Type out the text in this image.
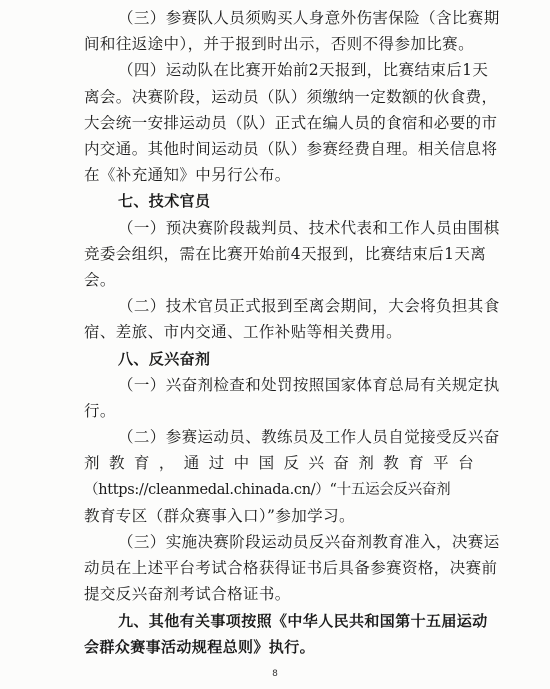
（三）参赛队人员须购买人身意外伤害保险（含比赛期
间和往返途中），并于报到时出示，否则不得参加比赛。
（四）运动队在比赛开始前2天报到，比赛结束后1天
离会。决赛阶段，运动员（队）须缴纳一定数额的伙食费，
大会统一安排运动员（队）正式在编人员的食宿和必要的市
内交通。其他时间运动员（队）参赛经费自理。相关信息将
在《补充通知》中另行公布。
七、技术官员
（一）预决赛阶段裁判员、技术代表和工作人员由围棋
竞委会组织，需在比赛开始前4天报到，比赛结束后1天离
会。
（二）技术官员正式报到至离会期间，大会将负担其食
宿、差旅、市内交通、工作补贴等相关费用。
八、反兴奋剂
（一）兴奋剂检查和处罚按照国家体育总局有关规定执
行。
（二）参赛运动员、教练员及工作人员自觉接受反兴奋
剂教育，通过中国反兴奋剂教育平台
（https://cleanmedal.chinada.cn/）“十五运会反兴奋剂
教育专区（群众赛事入口）”参加学习。
（三）实施决赛阶段运动员反兴奋剂教育准入，决赛运
动员在上述平台考试合格获得证书后具备参赛资格，决赛前
提交反兴奋剂考试合格证书。
九、其他有关事项按照《中华人民共和国第十五届运动
会群众赛事活动规程总则》执行。
8
